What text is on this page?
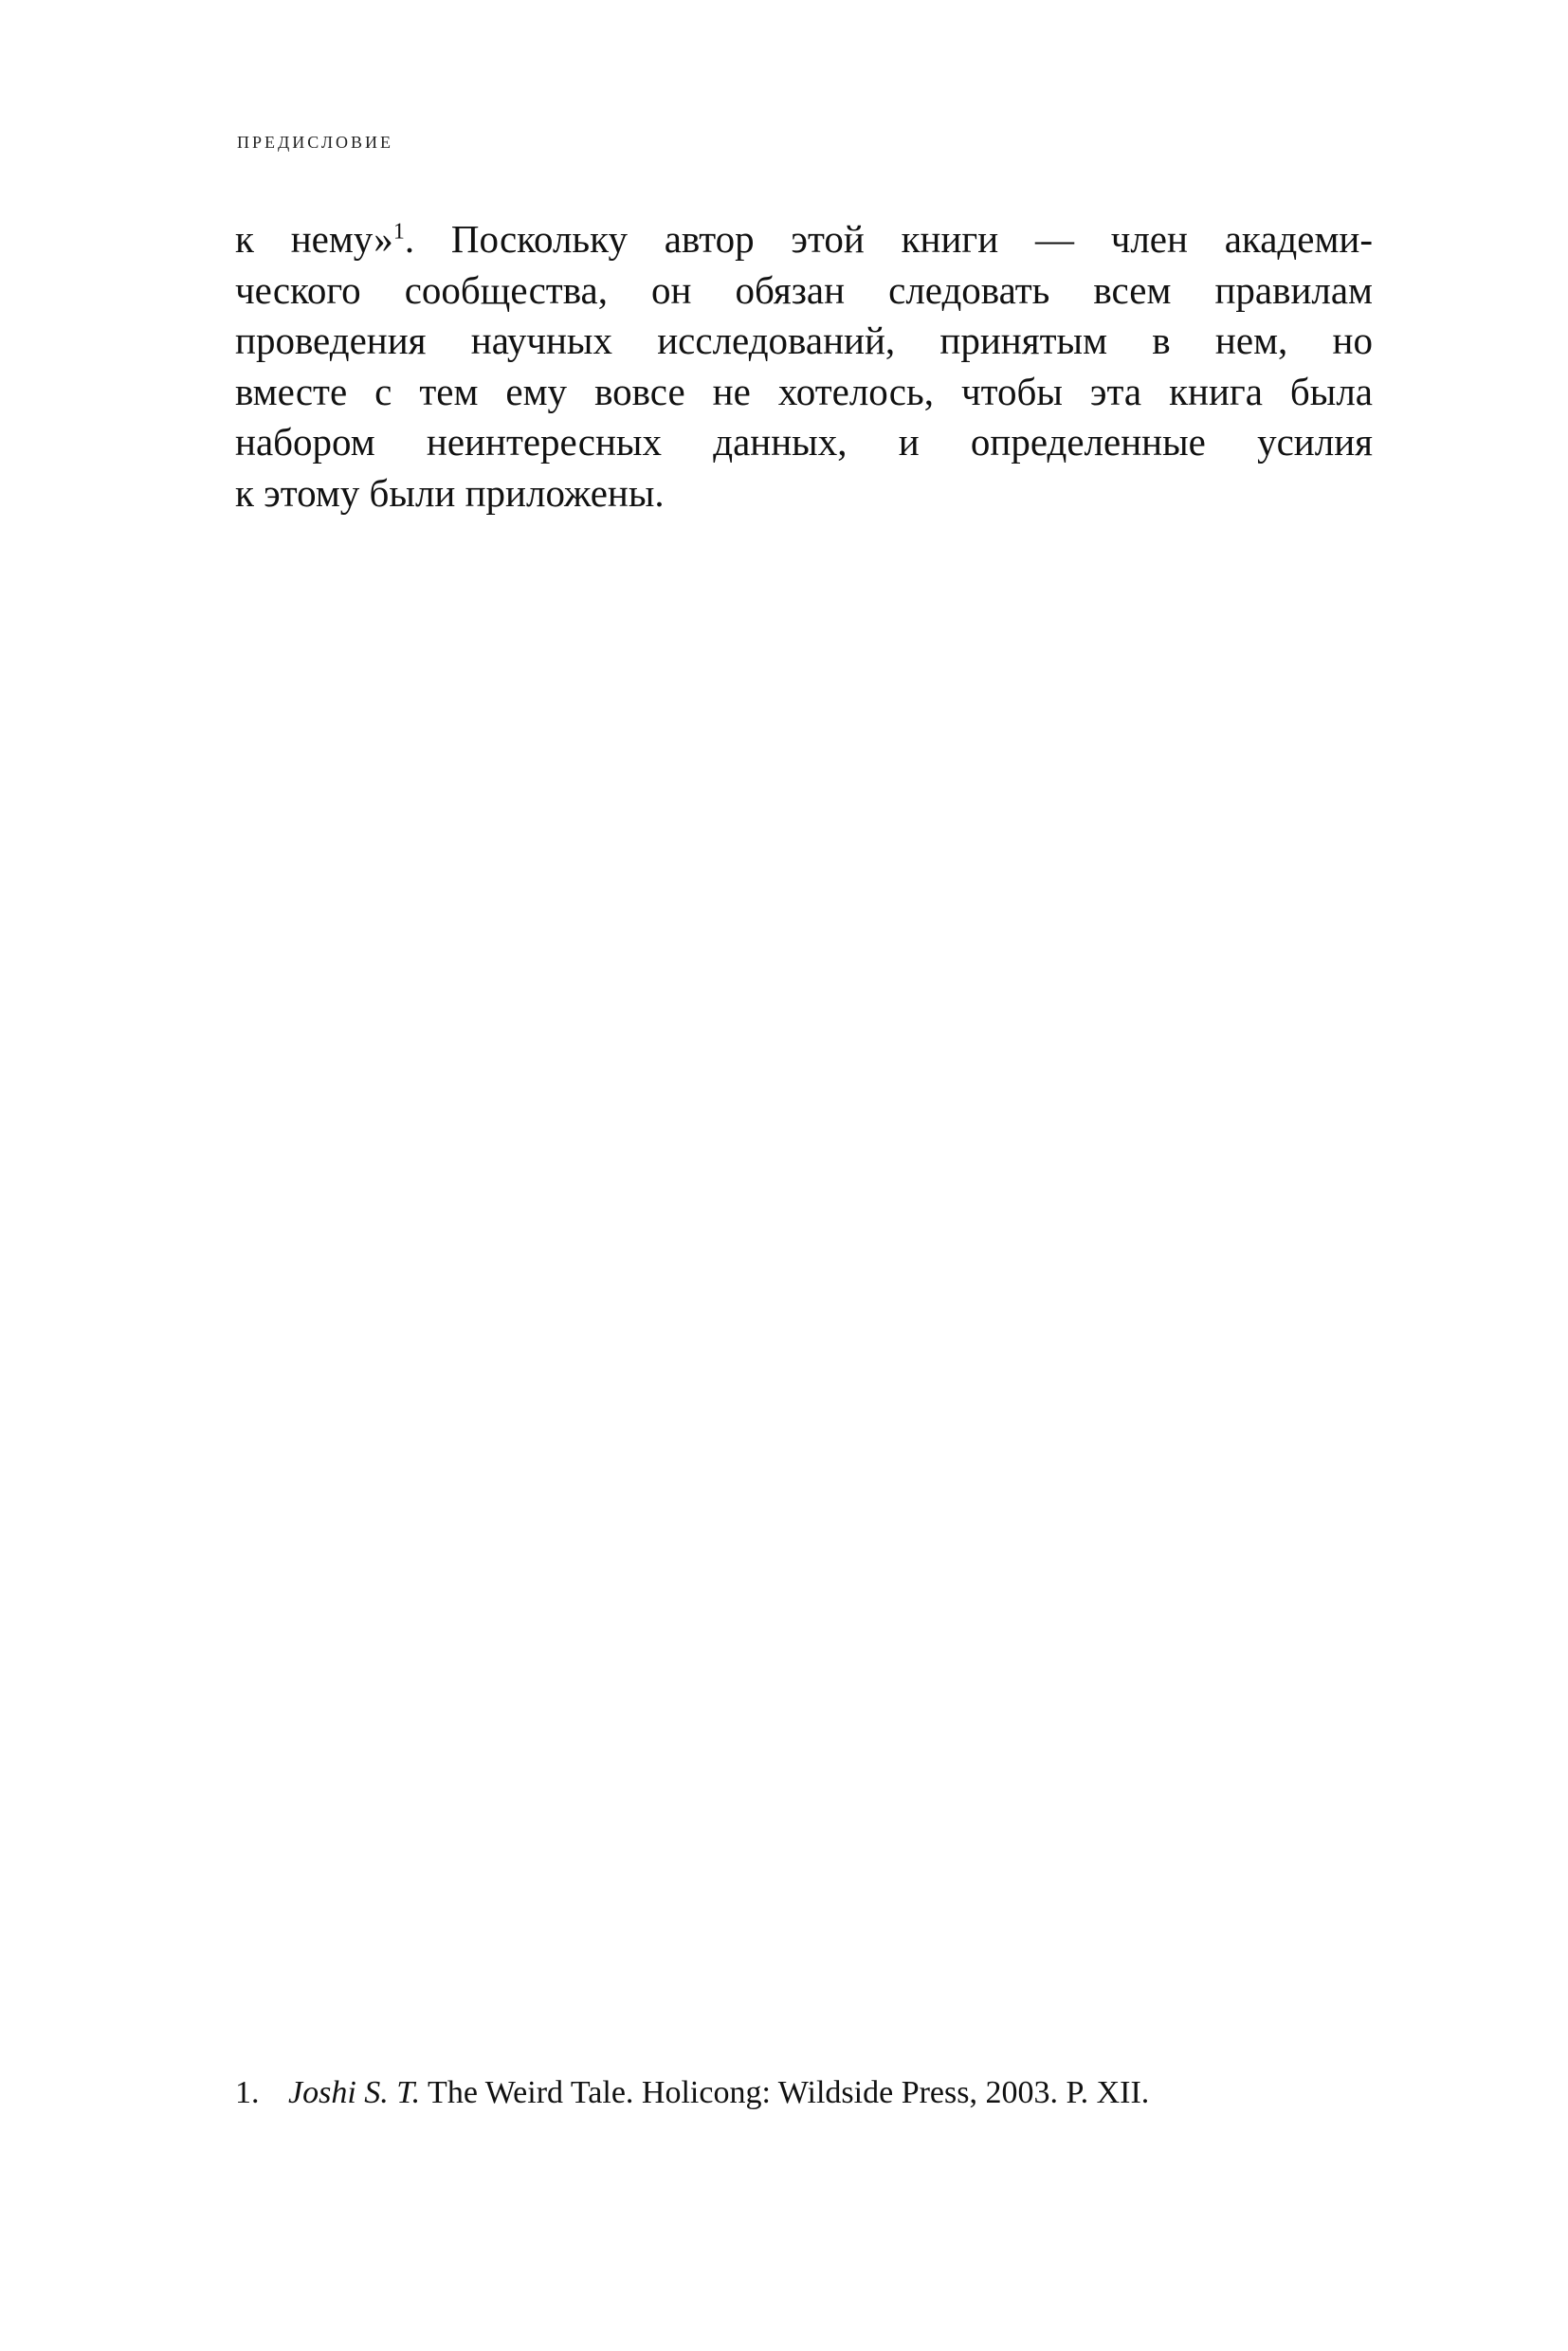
ПРЕДИСЛОВИЕ
к нему»$^1$. Поскольку автор этой книги — член академи-
ческого сообщества, он обязан следовать всем правилам
проведения научных исследований, принятым в нем, но
вместе с тем ему вовсе не хотелось, чтобы эта книга была
набором неинтересных данных, и определенные усилия
к этому были приложены.
1. Joshi S. T. The Weird Tale. Holicong: Wildside Press, 2003. P. XII.
